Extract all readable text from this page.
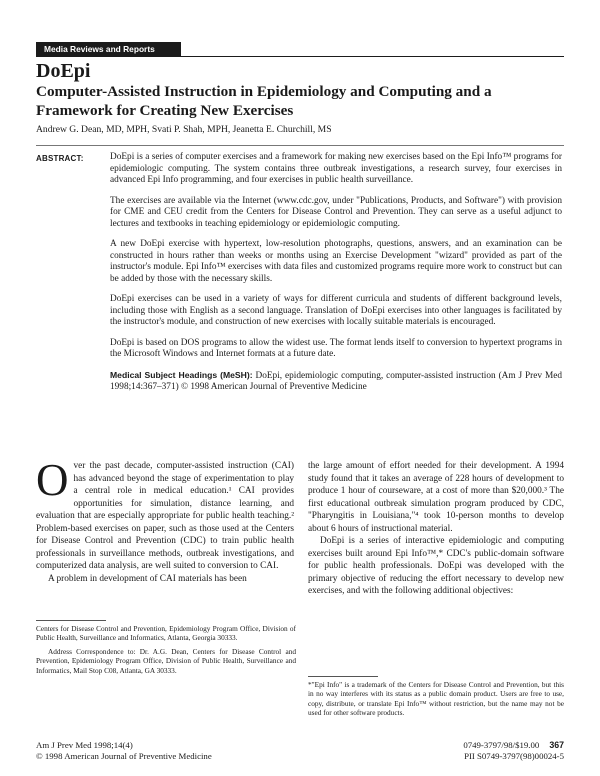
Media Reviews and Reports
DoEpi
Computer-Assisted Instruction in Epidemiology and Computing and a Framework for Creating New Exercises
Andrew G. Dean, MD, MPH, Svati P. Shah, MPH, Jeanetta E. Churchill, MS
ABSTRACT:	DoEpi is a series of computer exercises and a framework for making new exercises based on the Epi Info™ programs for epidemiologic computing. The system contains three outbreak investigations, a research survey, four exercises in advanced Epi Info programming, and four exercises in public health surveillance.

The exercises are available via the Internet (www.cdc.gov, under "Publications, Products, and Software") with provision for CME and CEU credit from the Centers for Disease Control and Prevention. They can serve as a useful adjunct to lectures and textbooks in teaching epidemiology or epidemiologic computing.

A new DoEpi exercise with hypertext, low-resolution photographs, questions, answers, and an examination can be constructed in hours rather than weeks or months using an Exercise Development "wizard" provided as part of the instructor's module. Epi Info™ exercises with data files and customized programs require more work to construct but can be added by those with the necessary skills.

DoEpi exercises can be used in a variety of ways for different curricula and students of different background levels, including those with English as a second language. Translation of DoEpi exercises into other languages is facilitated by the instructor's module, and construction of new exercises with locally suitable materials is encouraged.

DoEpi is based on DOS programs to allow the widest use. The format lends itself to conversion to hypertext programs in the Microsoft Windows and Internet formats at a future date.

Medical Subject Headings (MeSH): DoEpi, epidemiologic computing, computer-assisted instruction (Am J Prev Med 1998;14:367–371) © 1998 American Journal of Preventive Medicine

Over the past decade, computer-assisted instruction (CAI) has advanced beyond the stage of experimentation to play a central role in medical education.¹ CAI provides opportunities for simulation, distance learning, and evaluation that are especially appropriate for public health teaching.² Problem-based exercises on paper, such as those used at the Centers for Disease Control and Prevention (CDC) to train public health professionals in surveillance methods, outbreak investigations, and computerized data analysis, are well suited to conversion to CAI.

A problem in development of CAI materials has been

the large amount of effort needed for their development. A 1994 study found that it takes an average of 228 hours of development to produce 1 hour of courseware, at a cost of more than $20,000.³ The first educational outbreak simulation program produced by CDC, "Pharyngitis in Louisiana,"⁴ took 10-person months to develop about 6 hours of instructional material.

DoEpi is a series of interactive epidemiologic and computing exercises built around Epi Info™,* CDC's public-domain software for public health professionals. DoEpi was developed with the primary objective of reducing the effort necessary to develop new exercises, and with the following additional objectives:

Centers for Disease Control and Prevention, Epidemiology Program Office, Division of Public Health, Surveillance and Informatics, Atlanta, Georgia 30333.

Address Correspondence to: Dr. A.G. Dean, Centers for Disease Control and Prevention, Epidemiology Program Office, Division of Public Health, Surveillance and Informatics, Mail Stop C08, Atlanta, GA 30333.

*"Epi Info" is a trademark of the Centers for Disease Control and Prevention, but this in no way interferes with its status as a public domain product. Users are free to use, copy, distribute, or translate Epi Info™ without restriction, but the name may not be used for other software products.
Am J Prev Med 1998;14(4)
© 1998 American Journal of Preventive Medicine
0749-3797/98/$19.00 367
PII S0749-3797(98)00024-5
